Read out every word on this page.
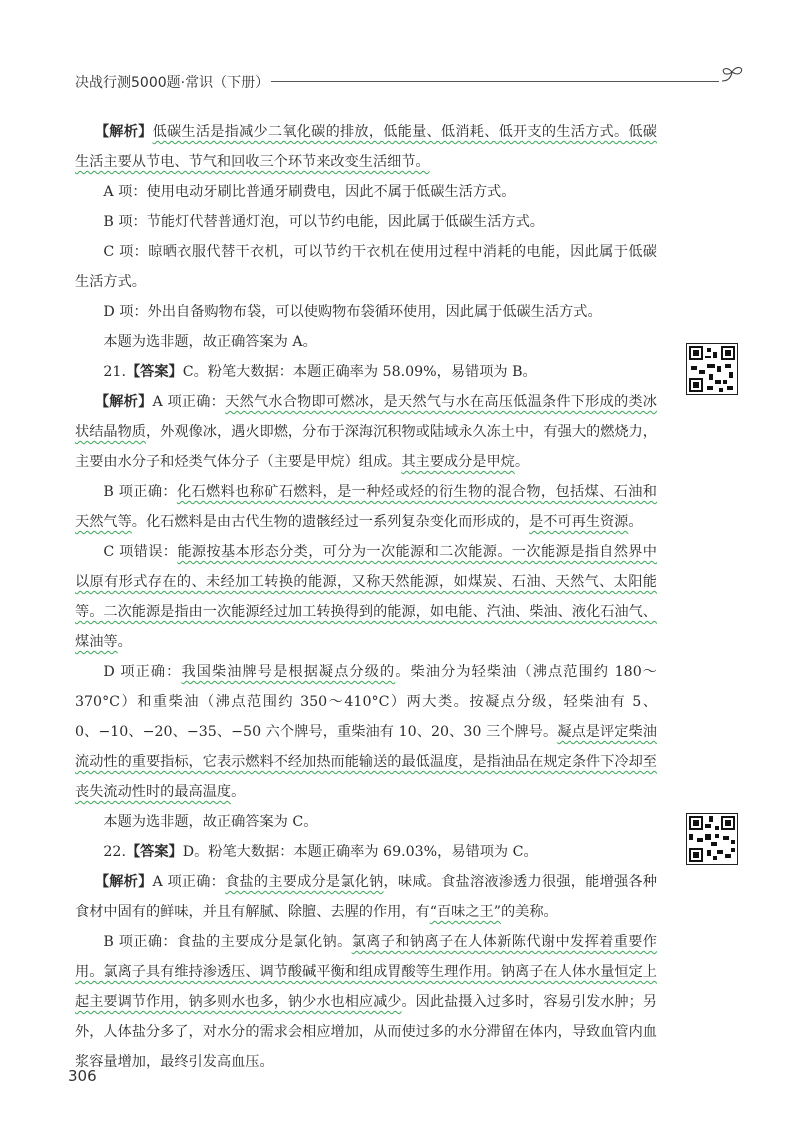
决战行测5000题·常识（下册）

【解析】低碳生活是指减少二氧化碳的排放，低能量、低消耗、低开支的生活方式。低碳生活主要从节电、节气和回收三个环节来改变生活细节。

A 项：使用电动牙刷比普通牙刷费电，因此不属于低碳生活方式。

B 项：节能灯代替普通灯泡，可以节约电能，因此属于低碳生活方式。

C 项：晾晒衣服代替干衣机，可以节约干衣机在使用过程中消耗的电能，因此属于低碳生活方式。

D 项：外出自备购物布袋，可以使购物布袋循环使用，因此属于低碳生活方式。

本题为选非题，故正确答案为 A。

21.【答案】C。粉笔大数据：本题正确率为 58.09%，易错项为 B。

【解析】A 项正确：天然气水合物即可燃冰，是天然气与水在高压低温条件下形成的类冰状结晶物质，外观像冰，遇火即燃，分布于深海沉积物或陆域永久冻土中，有强大的燃烧力，主要由水分子和烃类气体分子（主要是甲烷）组成。其主要成分是甲烷。

B 项正确：化石燃料也称矿石燃料，是一种烃或烃的衍生物的混合物，包括煤、石油和天然气等。化石燃料是由古代生物的遗骸经过一系列复杂变化而形成的，是不可再生资源。

C 项错误：能源按基本形态分类，可分为一次能源和二次能源。一次能源是指自然界中以原有形式存在的、未经加工转换的能源，又称天然能源，如煤炭、石油、天然气、太阳能等。二次能源是指由一次能源经过加工转换得到的能源，如电能、汽油、柴油、液化石油气、煤油等。

D 项正确：我国柴油牌号是根据凝点分级的。柴油分为轻柴油（沸点范围约 180～370°C）和重柴油（沸点范围约 350～410°C）两大类。按凝点分级，轻柴油有 5、0、−10、−20、−35、−50 六个牌号，重柴油有 10、20、30 三个牌号。凝点是评定柴油流动性的重要指标，它表示燃料不经加热而能输送的最低温度，是指油品在规定条件下冷却至丧失流动性时的最高温度。

本题为选非题，故正确答案为 C。

22.【答案】D。粉笔大数据：本题正确率为 69.03%，易错项为 C。

【解析】A 项正确：食盐的主要成分是氯化钠，味咸。食盐溶液渗透力很强，能增强各种食材中固有的鲜味，并且有解腻、除膻、去腥的作用，有“百味之王”的美称。

B 项正确：食盐的主要成分是氯化钠。氯离子和钠离子在人体新陈代谢中发挥着重要作用。氯离子具有维持渗透压、调节酸碱平衡和组成胃酸等生理作用。钠离子在人体水量恒定上起主要调节作用，钠多则水也多，钠少水也相应减少。因此盐摄入过多时，容易引发水肿；另外，人体盐分多了，对水分的需求会相应增加，从而使过多的水分滞留在体内，导致血管内血浆容量增加，最终引发高血压。

306
